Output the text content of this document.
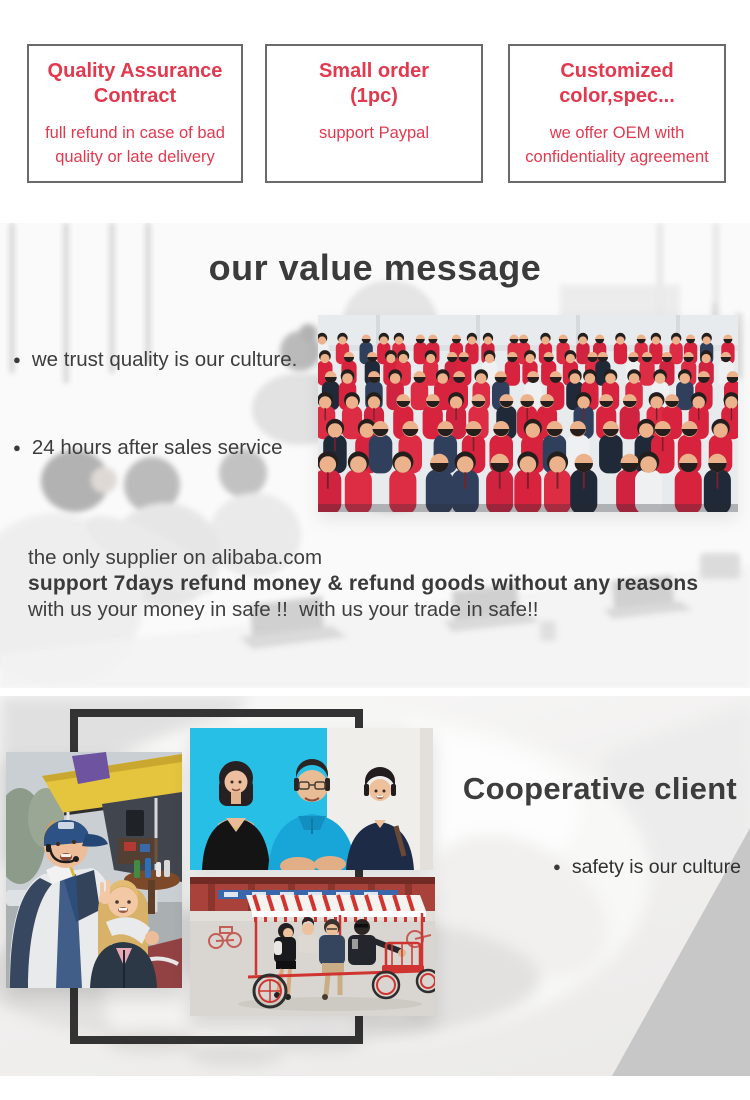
Quality Assurance
Contract
full refund in case of bad quality or late delivery
Small order
(1pc)
support Paypal
Customized
color,spec...
we offer OEM with confidentiality agreement
our value message
● we trust quality is our culture.
● 24 hours after sales service
the only supplier on alibaba.com
support 7days refund money & refund goods without any reasons
with us your money in safe !!  with us your trade in safe!!
Cooperative client
● safety is our culture
